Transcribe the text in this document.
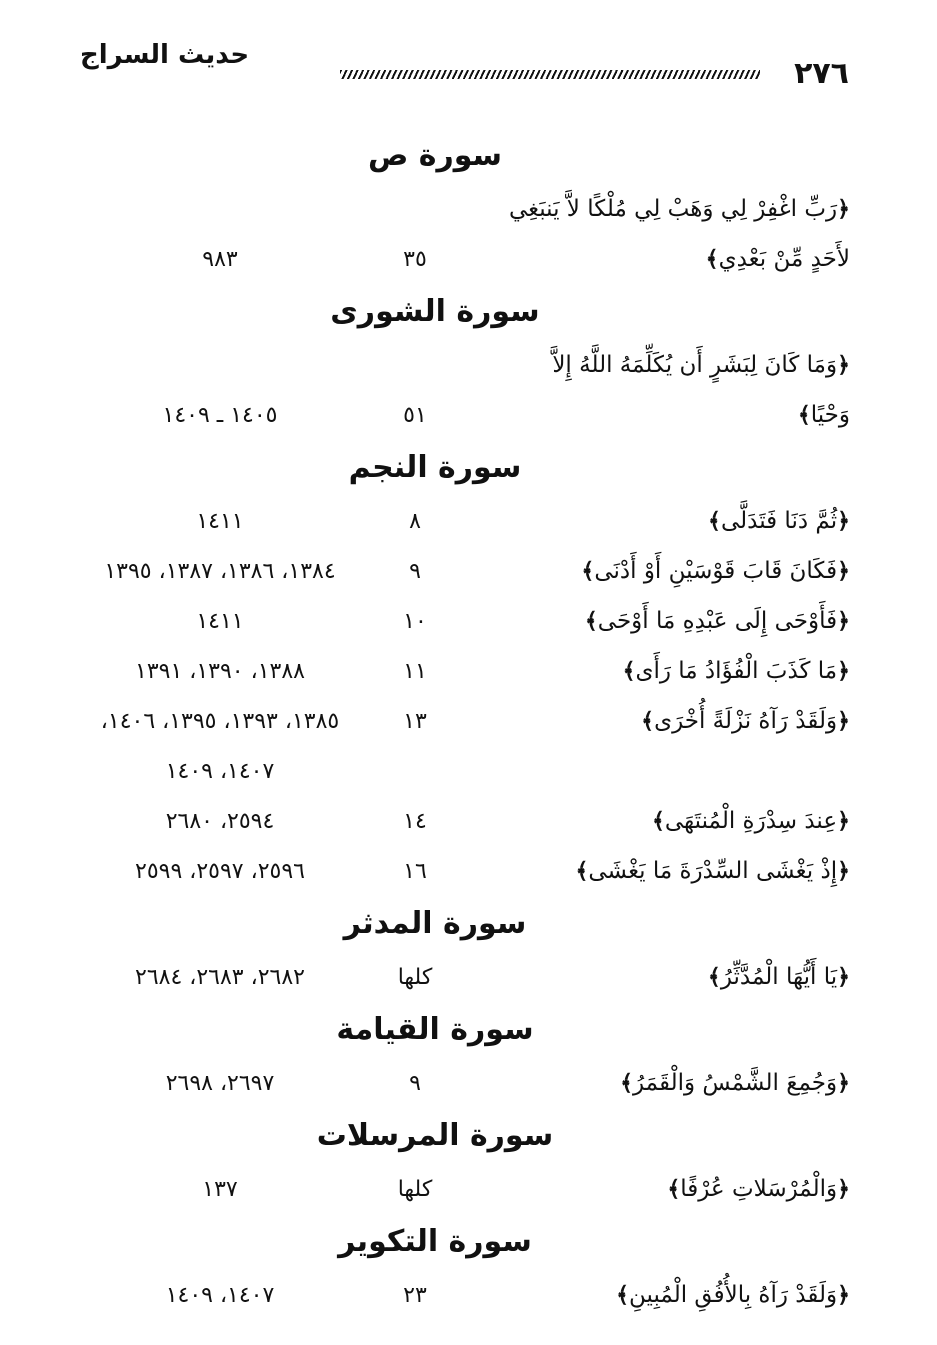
٢٧٦
حديث السراج
سورة ص
﴿رَبِّ اغْفِرْ لِي وَهَبْ لِي مُلْكًا لاَّ يَنبَغِي
لأَحَدٍ مِّنْ بَعْدِي﴾
٣٥
٩٨٣
سورة الشورى
﴿وَمَا كَانَ لِبَشَرٍ أَن يُكَلِّمَهُ اللَّهُ إِلاَّ
وَحْيًا﴾
٥١
١٤٠٥ ـ ١٤٠٩
سورة النجم
﴿ثُمَّ دَنَا فَتَدَلَّى﴾
٨
١٤١١
﴿فَكَانَ قَابَ قَوْسَيْنِ أَوْ أَدْنَى﴾
٩
١٣٨٤، ١٣٨٦، ١٣٨٧، ١٣٩٥
﴿فَأَوْحَى إِلَى عَبْدِهِ مَا أَوْحَى﴾
١٠
١٤١١
﴿مَا كَذَبَ الْفُؤَادُ مَا رَأَى﴾
١١
١٣٨٨، ١٣٩٠، ١٣٩١
﴿وَلَقَدْ رَآهُ نَزْلَةً أُخْرَى﴾
١٣
١٣٨٥، ١٣٩٣، ١٣٩٥، ١٤٠٦،
١٤٠٧، ١٤٠٩
﴿عِندَ سِدْرَةِ الْمُنتَهَى﴾
١٤
٢٥٩٤، ٢٦٨٠
﴿إِذْ يَغْشَى السِّدْرَةَ مَا يَغْشَى﴾
١٦
٢٥٩٦، ٢٥٩٧، ٢٥٩٩
سورة المدثر
﴿يَا أَيُّهَا الْمُدَّثِّرُ﴾
كلها
٢٦٨٢، ٢٦٨٣، ٢٦٨٤
سورة القيامة
﴿وَجُمِعَ الشَّمْسُ وَالْقَمَرُ﴾
٩
٢٦٩٧، ٢٦٩٨
سورة المرسلات
﴿وَالْمُرْسَلاتِ عُرْفًا﴾
كلها
١٣٧
سورة التكوير
﴿وَلَقَدْ رَآهُ بِالأُفُقِ الْمُبِينِ﴾
٢٣
١٤٠٧، ١٤٠٩
